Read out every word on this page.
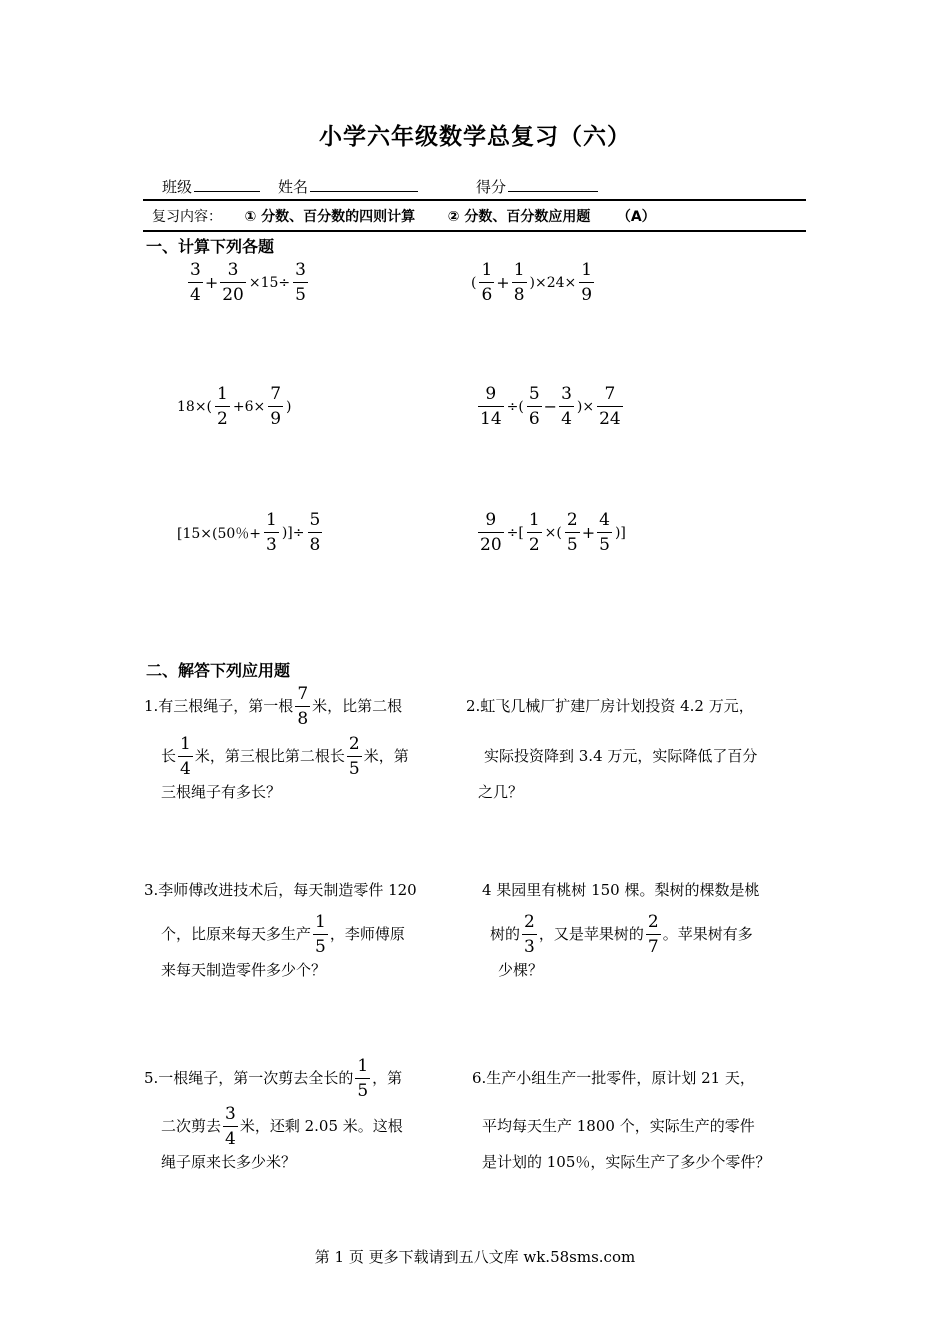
小学六年级数学总复习（六）
班级	姓名	得分
复习内容： ① 分数、百分数的四则计算 ② 分数、百分数应用题 （A）
一、计算下列各题
$\frac{3}{4} + \frac{3}{20} \times 15\div \frac{3}{5}$	( $\frac{1}{6} + \frac{1}{8} )\times 24\times \frac{1}{9}$
$18\times( \frac{1}{2} +6\times \frac{7}{9}$ )	$\frac{9}{14}$ ÷( $\frac{5}{6} - \frac{3}{4}$ )× $\frac{7}{24}$
[15×(50％+ $\frac{1}{3}$ )]÷ $\frac{5}{8}$	$\frac{9}{20}$ ÷[ $\frac{1}{2}$ ×( $\frac{2}{5} + \frac{4}{5}$ )]
二、解答下列应用题
1.有三根绳子，第一根 $\frac{7}{8}$ 米，比第二根
长 $\frac{1}{4}$ 米，第三根比第二根长 $\frac{2}{5}$ 米，第
三根绳子有多长？
2.虹飞几械厂扩建厂房计划投资 4.2 万元，
实际投资降到 3.4 万元，实际降低了百分
之几？
3.李师傅改进技术后，每天制造零件 120
个，比原来每天多生产 $\frac{1}{5}$ ，李师傅原
来每天制造零件多少个？
4 果园里有桃树 150 棵。梨树的棵数是桃
树的 $\frac{2}{3}$ ，又是苹果树的 $\frac{2}{7}$ 。苹果树有多
少棵？
5.一根绳子，第一次剪去全长的 $\frac{1}{5}$ ，第
二次剪去 $\frac{3}{4}$ 米，还剩 2.05 米。这根
绳子原来长多少米？
6.生产小组生产一批零件，原计划 21 天，
平均每天生产 1800 个，实际生产的零件
是计划的 105％，实际生产了多少个零件？
第 1 页 更多下载请到五八文库 wk.58sms.com
